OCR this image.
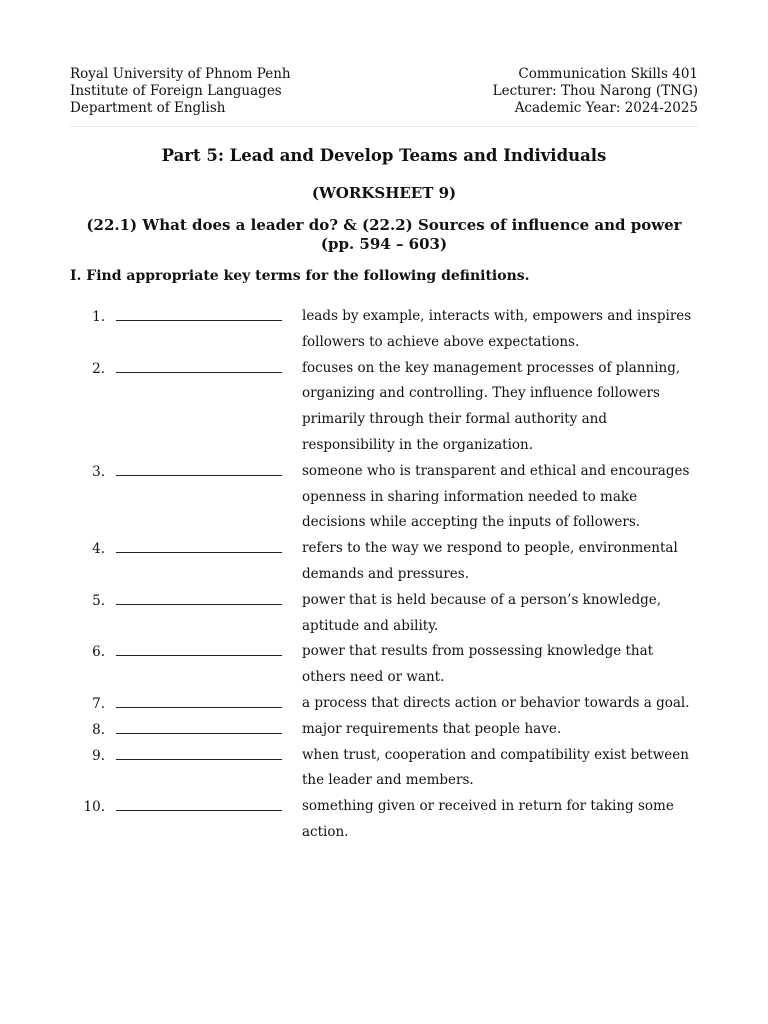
Royal University of Phnom Penh
Institute of Foreign Languages
Department of English
Communication Skills 401
Lecturer: Thou Narong (TNG)
Academic Year: 2024-2025
Part 5: Lead and Develop Teams and Individuals
(WORKSHEET 9)
(22.1) What does a leader do? & (22.2) Sources of influence and power
(pp. 594 – 603)
I. Find appropriate key terms for the following definitions.
1.	leads by example, interacts with, empowers and inspires followers to achieve above expectations.
2.	focuses on the key management processes of planning, organizing and controlling. They influence followers primarily through their formal authority and responsibility in the organization.
3.	someone who is transparent and ethical and encourages openness in sharing information needed to make decisions while accepting the inputs of followers.
4.	refers to the way we respond to people, environmental demands and pressures.
5.	power that is held because of a person’s knowledge, aptitude and ability.
6.	power that results from possessing knowledge that others need or want.
7.	a process that directs action or behavior towards a goal.
8.	major requirements that people have.
9.	when trust, cooperation and compatibility exist between the leader and members.
10.	something given or received in return for taking some action.
